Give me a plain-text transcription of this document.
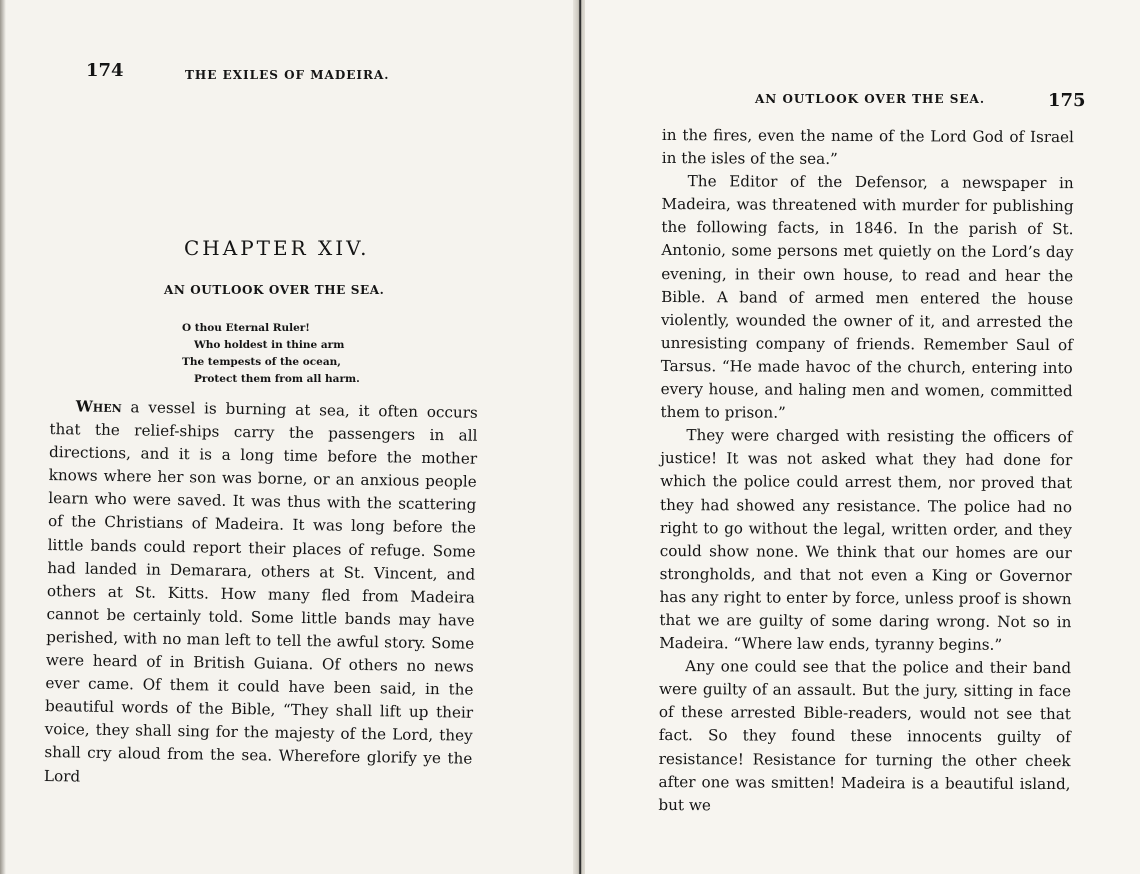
174	THE EXILES OF MADEIRA.
CHAPTER XIV.
AN OUTLOOK OVER THE SEA.
O thou Eternal Ruler!
Who holdest in thine arm
The tempests of the ocean,
Protect them from all harm.

When a vessel is burning at sea, it often occurs that the relief-ships carry the passengers in all directions, and it is a long time before the mother knows where her son was borne, or an anxious people learn who were saved. It was thus with the scattering of the Christians of Madeira. It was long before the little bands could report their places of refuge. Some had landed in Demarara, others at St. Vincent, and others at St. Kitts. How many fled from Madeira cannot be certainly told. Some little bands may have perished, with no man left to tell the awful story. Some were heard of in British Guiana. Of others no news ever came. Of them it could have been said, in the beautiful words of the Bible, “They shall lift up their voice, they shall sing for the majesty of the Lord, they shall cry aloud from the sea. Wherefore glorify ye the Lord

AN OUTLOOK OVER THE SEA.	175

in the fires, even the name of the Lord God of Israel in the isles of the sea.”

The Editor of the Defensor, a newspaper in Madeira, was threatened with murder for publishing the following facts, in 1846. In the parish of St. Antonio, some persons met quietly on the Lord’s day evening, in their own house, to read and hear the Bible. A band of armed men entered the house violently, wounded the owner of it, and arrested the unresisting company of friends. Remember Saul of Tarsus. “He made havoc of the church, entering into every house, and haling men and women, committed them to prison.”

They were charged with resisting the officers of justice! It was not asked what they had done for which the police could arrest them, nor proved that they had showed any resistance. The police had no right to go without the legal, written order, and they could show none. We think that our homes are our strongholds, and that not even a King or Governor has any right to enter by force, unless proof is shown that we are guilty of some daring wrong. Not so in Madeira. “Where law ends, tyranny begins.”

Any one could see that the police and their band were guilty of an assault. But the jury, sitting in face of these arrested Bible-readers, would not see that fact. So they found these innocents guilty of resistance! Resistance for turning the other cheek after one was smitten! Madeira is a beautiful island, but we
